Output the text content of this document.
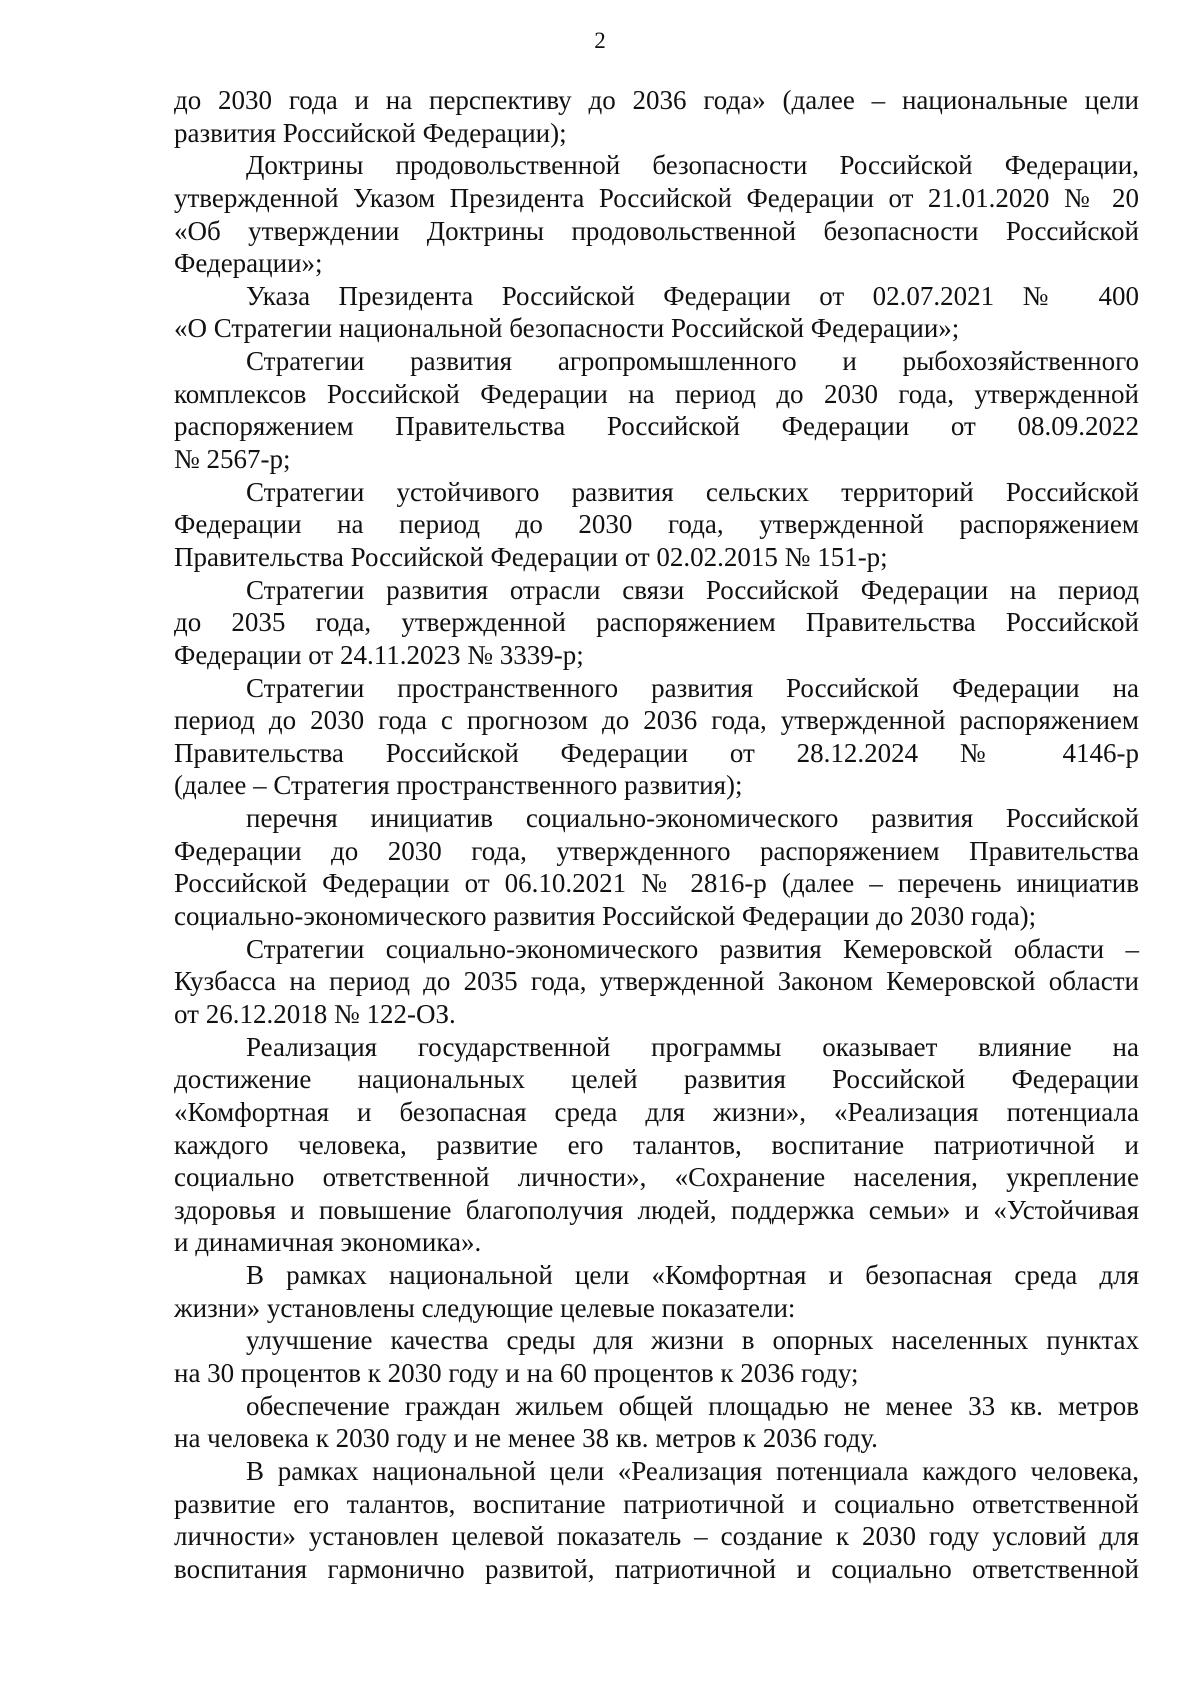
2
до 2030 года и на перспективу до 2036 года» (далее – национальные цели
развития Российской Федерации);
Доктрины продовольственной безопасности Российской Федерации,
утвержденной Указом Президента Российской Федерации от 21.01.2020 № 20
«Об утверждении Доктрины продовольственной безопасности Российской
Федерации»;
Указа Президента Российской Федерации от 02.07.2021 № 400
«О Стратегии национальной безопасности Российской Федерации»;
Стратегии развития агропромышленного и рыбохозяйственного
комплексов Российской Федерации на период до 2030 года, утвержденной
распоряжением Правительства Российской Федерации от 08.09.2022
№ 2567-р;
Стратегии устойчивого развития сельских территорий Российской
Федерации на период до 2030 года, утвержденной распоряжением
Правительства Российской Федерации от 02.02.2015 № 151-р;
Стратегии развития отрасли связи Российской Федерации на период
до 2035 года, утвержденной распоряжением Правительства Российской
Федерации от 24.11.2023 № 3339-р;
Стратегии пространственного развития Российской Федерации на
период до 2030 года с прогнозом до 2036 года, утвержденной распоряжением
Правительства Российской Федерации от 28.12.2024 № 4146-р
(далее – Стратегия пространственного развития);
перечня инициатив социально-экономического развития Российской
Федерации до 2030 года, утвержденного распоряжением Правительства
Российской Федерации от 06.10.2021 № 2816-р (далее – перечень инициатив
социально-экономического развития Российской Федерации до 2030 года);
Стратегии социально-экономического развития Кемеровской области –
Кузбасса на период до 2035 года, утвержденной Законом Кемеровской области
от 26.12.2018 № 122-ОЗ.
Реализация государственной программы оказывает влияние на
достижение национальных целей развития Российской Федерации
«Комфортная и безопасная среда для жизни», «Реализация потенциала
каждого человека, развитие его талантов, воспитание патриотичной и
социально ответственной личности», «Сохранение населения, укрепление
здоровья и повышение благополучия людей, поддержка семьи» и «Устойчивая
и динамичная экономика».
В рамках национальной цели «Комфортная и безопасная среда для
жизни» установлены следующие целевые показатели:
улучшение качества среды для жизни в опорных населенных пунктах
на 30 процентов к 2030 году и на 60 процентов к 2036 году;
обеспечение граждан жильем общей площадью не менее 33 кв. метров
на человека к 2030 году и не менее 38 кв. метров к 2036 году.
В рамках национальной цели «Реализация потенциала каждого человека,
развитие его талантов, воспитание патриотичной и социально ответственной
личности» установлен целевой показатель – создание к 2030 году условий для
воспитания гармонично развитой, патриотичной и социально ответственной
